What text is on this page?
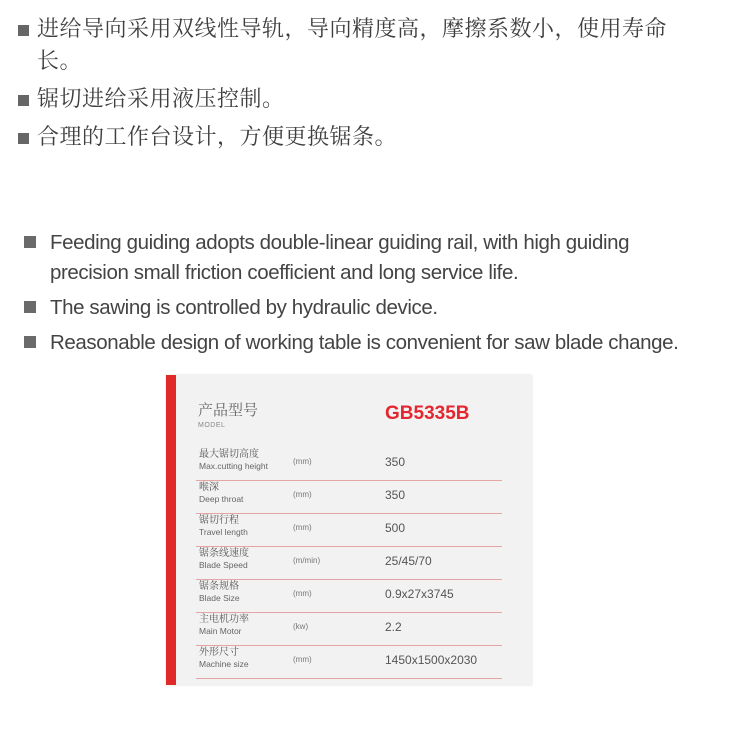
进给导向采用双线性导轨，导向精度高，摩擦系数小，使用寿命长。
锯切进给采用液压控制。
合理的工作台设计，方便更换锯条。
Feeding guiding adopts double-linear guiding rail, with high guiding precision small friction coefficient and long service life.
The sawing is controlled by hydraulic device.
Reasonable design of working table is convenient for saw blade change.
产品型号
MODEL
GB5335B
最大锯切高度
Max.cutting height	(mm)	350
喉深
Deep throat	(mm)	350
锯切行程
Travel length	(mm)	500
锯条线速度
Blade Speed	(m/min)	25/45/70
锯条规格
Blade Size	(mm)	0.9x27x3745
主电机功率
Main Motor	(kw)	2.2
外形尺寸
Machine size	(mm)	1450x1500x2030
